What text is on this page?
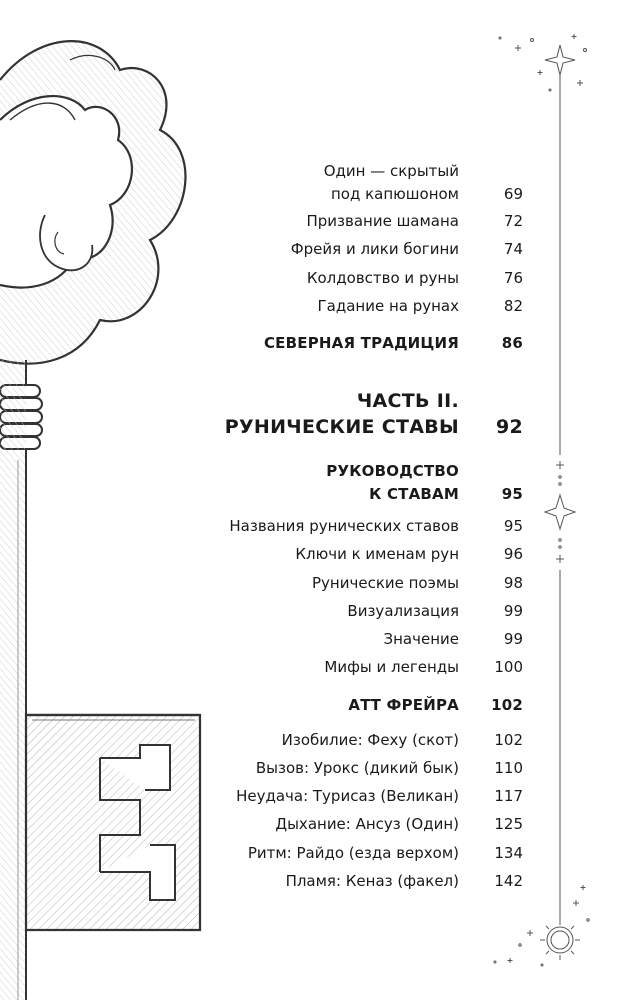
Один — скрытый
под капюшоном	69
Призвание шамана	72
Фрейя и лики богини	74
Колдовство и руны	76
Гадание на рунах	82
СЕВЕРНАЯ ТРАДИЦИЯ	86
ЧАСТЬ II.
РУНИЧЕСКИЕ СТАВЫ 92
РУКОВОДСТВО
К СТАВАМ	95
Названия рунических ставов	95
Ключи к именам рун	96
Рунические поэмы	98
Визуализация	99
Значение	99
Мифы и легенды 100
АТТ ФРЕЙРА 102
Изобилие: Феху (скот) 102
Вызов: Урокс (дикий бык) 110
Неудача: Турисаз (Великан) 117
Дыхание: Ансуз (Один) 125
Ритм: Райдо (езда верхом) 134
Пламя: Кеназ (факел) 142
